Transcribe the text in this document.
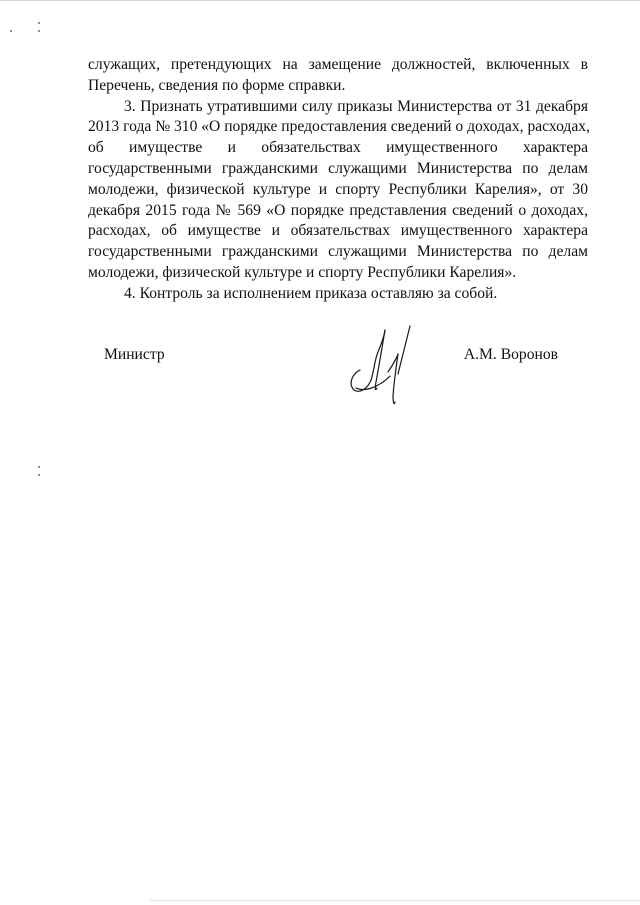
служащих, претендующих на замещение должностей, включенных в
Перечень, сведения по форме справки.
3. Признать утратившими силу приказы Министерства от 31 декабря
2013 года № 310 «О порядке предоставления сведений о доходах, расходах,
об имуществе и обязательствах имущественного характера
государственными гражданскими служащими Министерства по делам
молодежи, физической культуре и спорту Республики Карелия», от 30
декабря 2015 года № 569 «О порядке представления сведений о доходах,
расходах, об имуществе и обязательствах имущественного характера
государственными гражданскими служащими Министерства по делам
молодежи, физической культуре и спорту Республики Карелия».
4. Контроль за исполнением приказа оставляю за собой.
Министр	А.М. Воронов
